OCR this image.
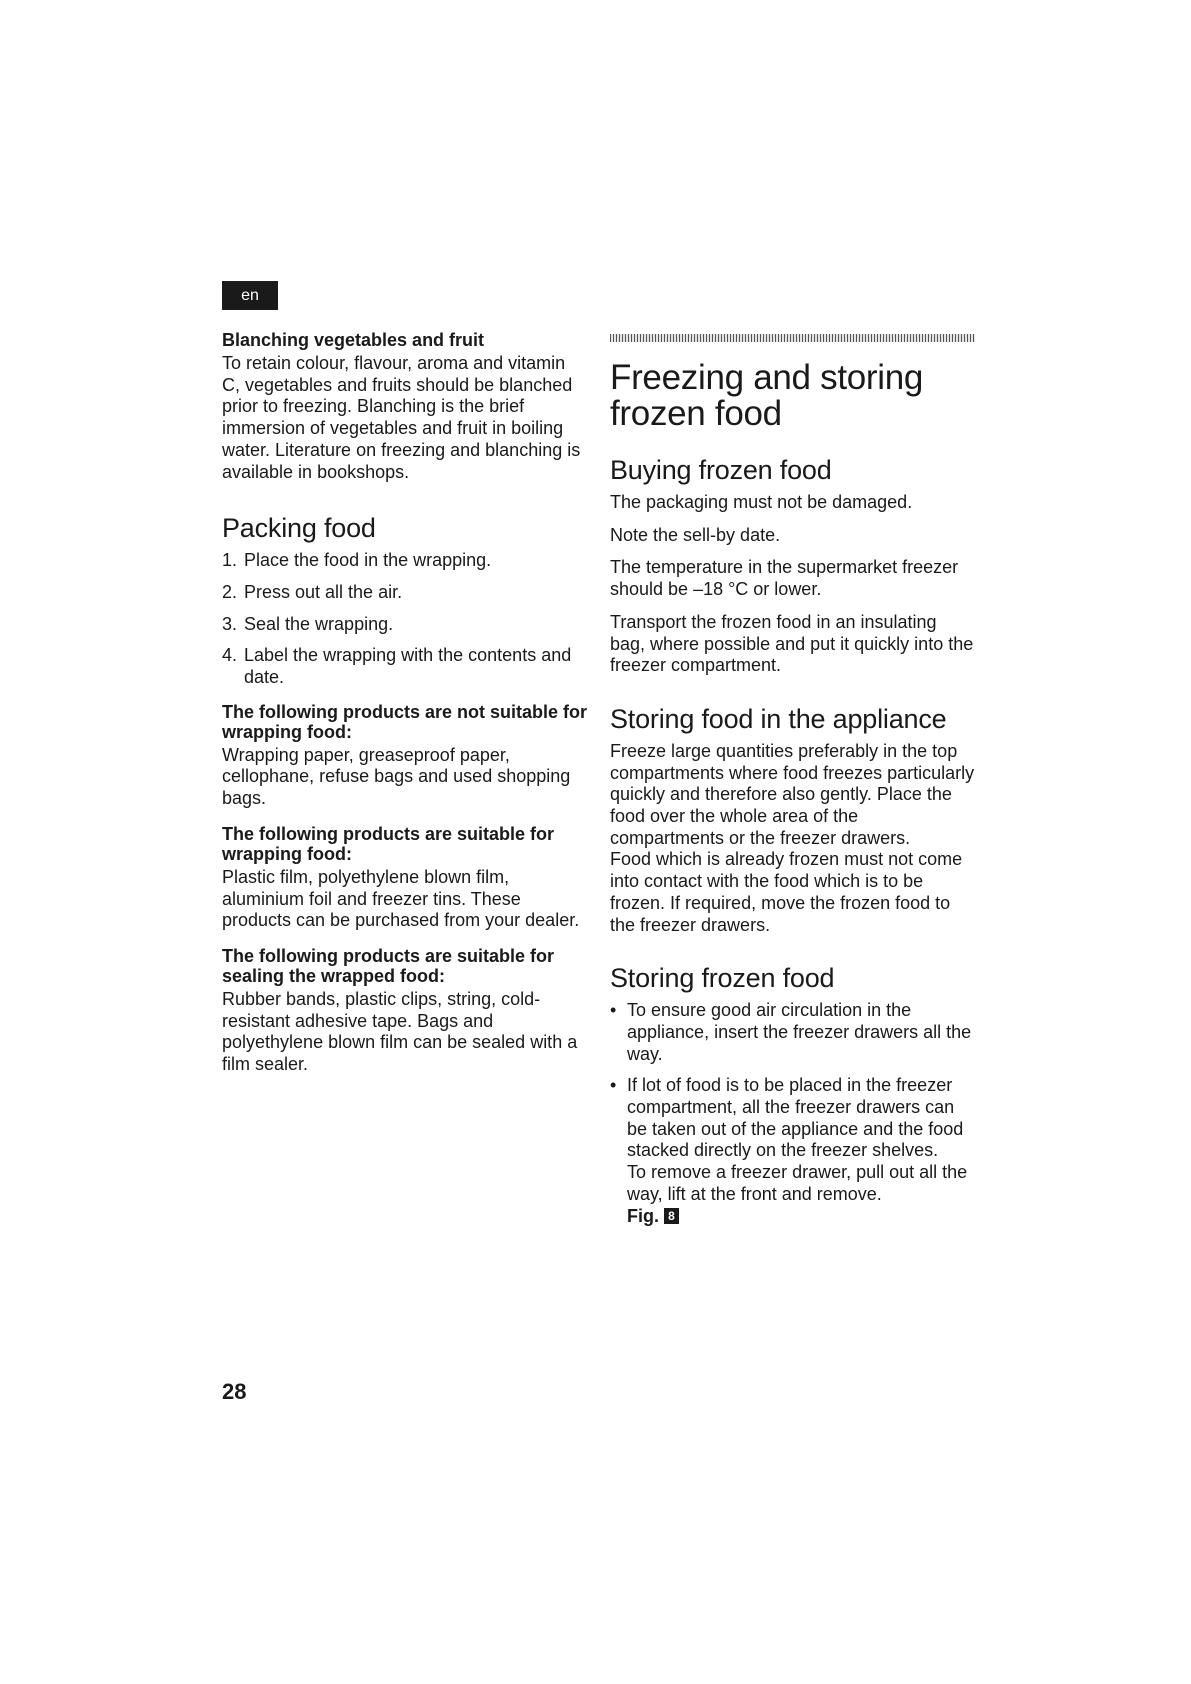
en
Blanching vegetables and fruit

To retain colour, flavour, aroma and vitamin C, vegetables and fruits should be blanched prior to freezing. Blanching is the brief immersion of vegetables and fruit in boiling water. Literature on freezing and blanching is available in bookshops.

Packing food
1. Place the food in the wrapping.
2. Press out all the air.
3. Seal the wrapping.
4. Label the wrapping with the contents and date.
The following products are not suitable for wrapping food:

Wrapping paper, greaseproof paper, cellophane, refuse bags and used shopping bags.

The following products are suitable for wrapping food:

Plastic film, polyethylene blown film, aluminium foil and freezer tins. These products can be purchased from your dealer.

The following products are suitable for sealing the wrapped food:

Rubber bands, plastic clips, string, cold-resistant adhesive tape. Bags and polyethylene blown film can be sealed with a film sealer.

Freezing and storing frozen food
Buying frozen food

The packaging must not be damaged.

Note the sell-by date.

The temperature in the supermarket freezer should be –18 °C or lower.

Transport the frozen food in an insulating bag, where possible and put it quickly into the freezer compartment.

Storing food in the appliance

Freeze large quantities preferably in the top compartments where food freezes particularly quickly and therefore also gently. Place the food over the whole area of the compartments or the freezer drawers.

Food which is already frozen must not come into contact with the food which is to be frozen. If required, move the frozen food to the freezer drawers.

Storing frozen food
• To ensure good air circulation in the appliance, insert the freezer drawers all the way.
• If lot of food is to be placed in the freezer compartment, all the freezer drawers can be taken out of the appliance and the food stacked directly on the freezer shelves.

To remove a freezer drawer, pull out all the way, lift at the front and remove.

Fig. 8
28
